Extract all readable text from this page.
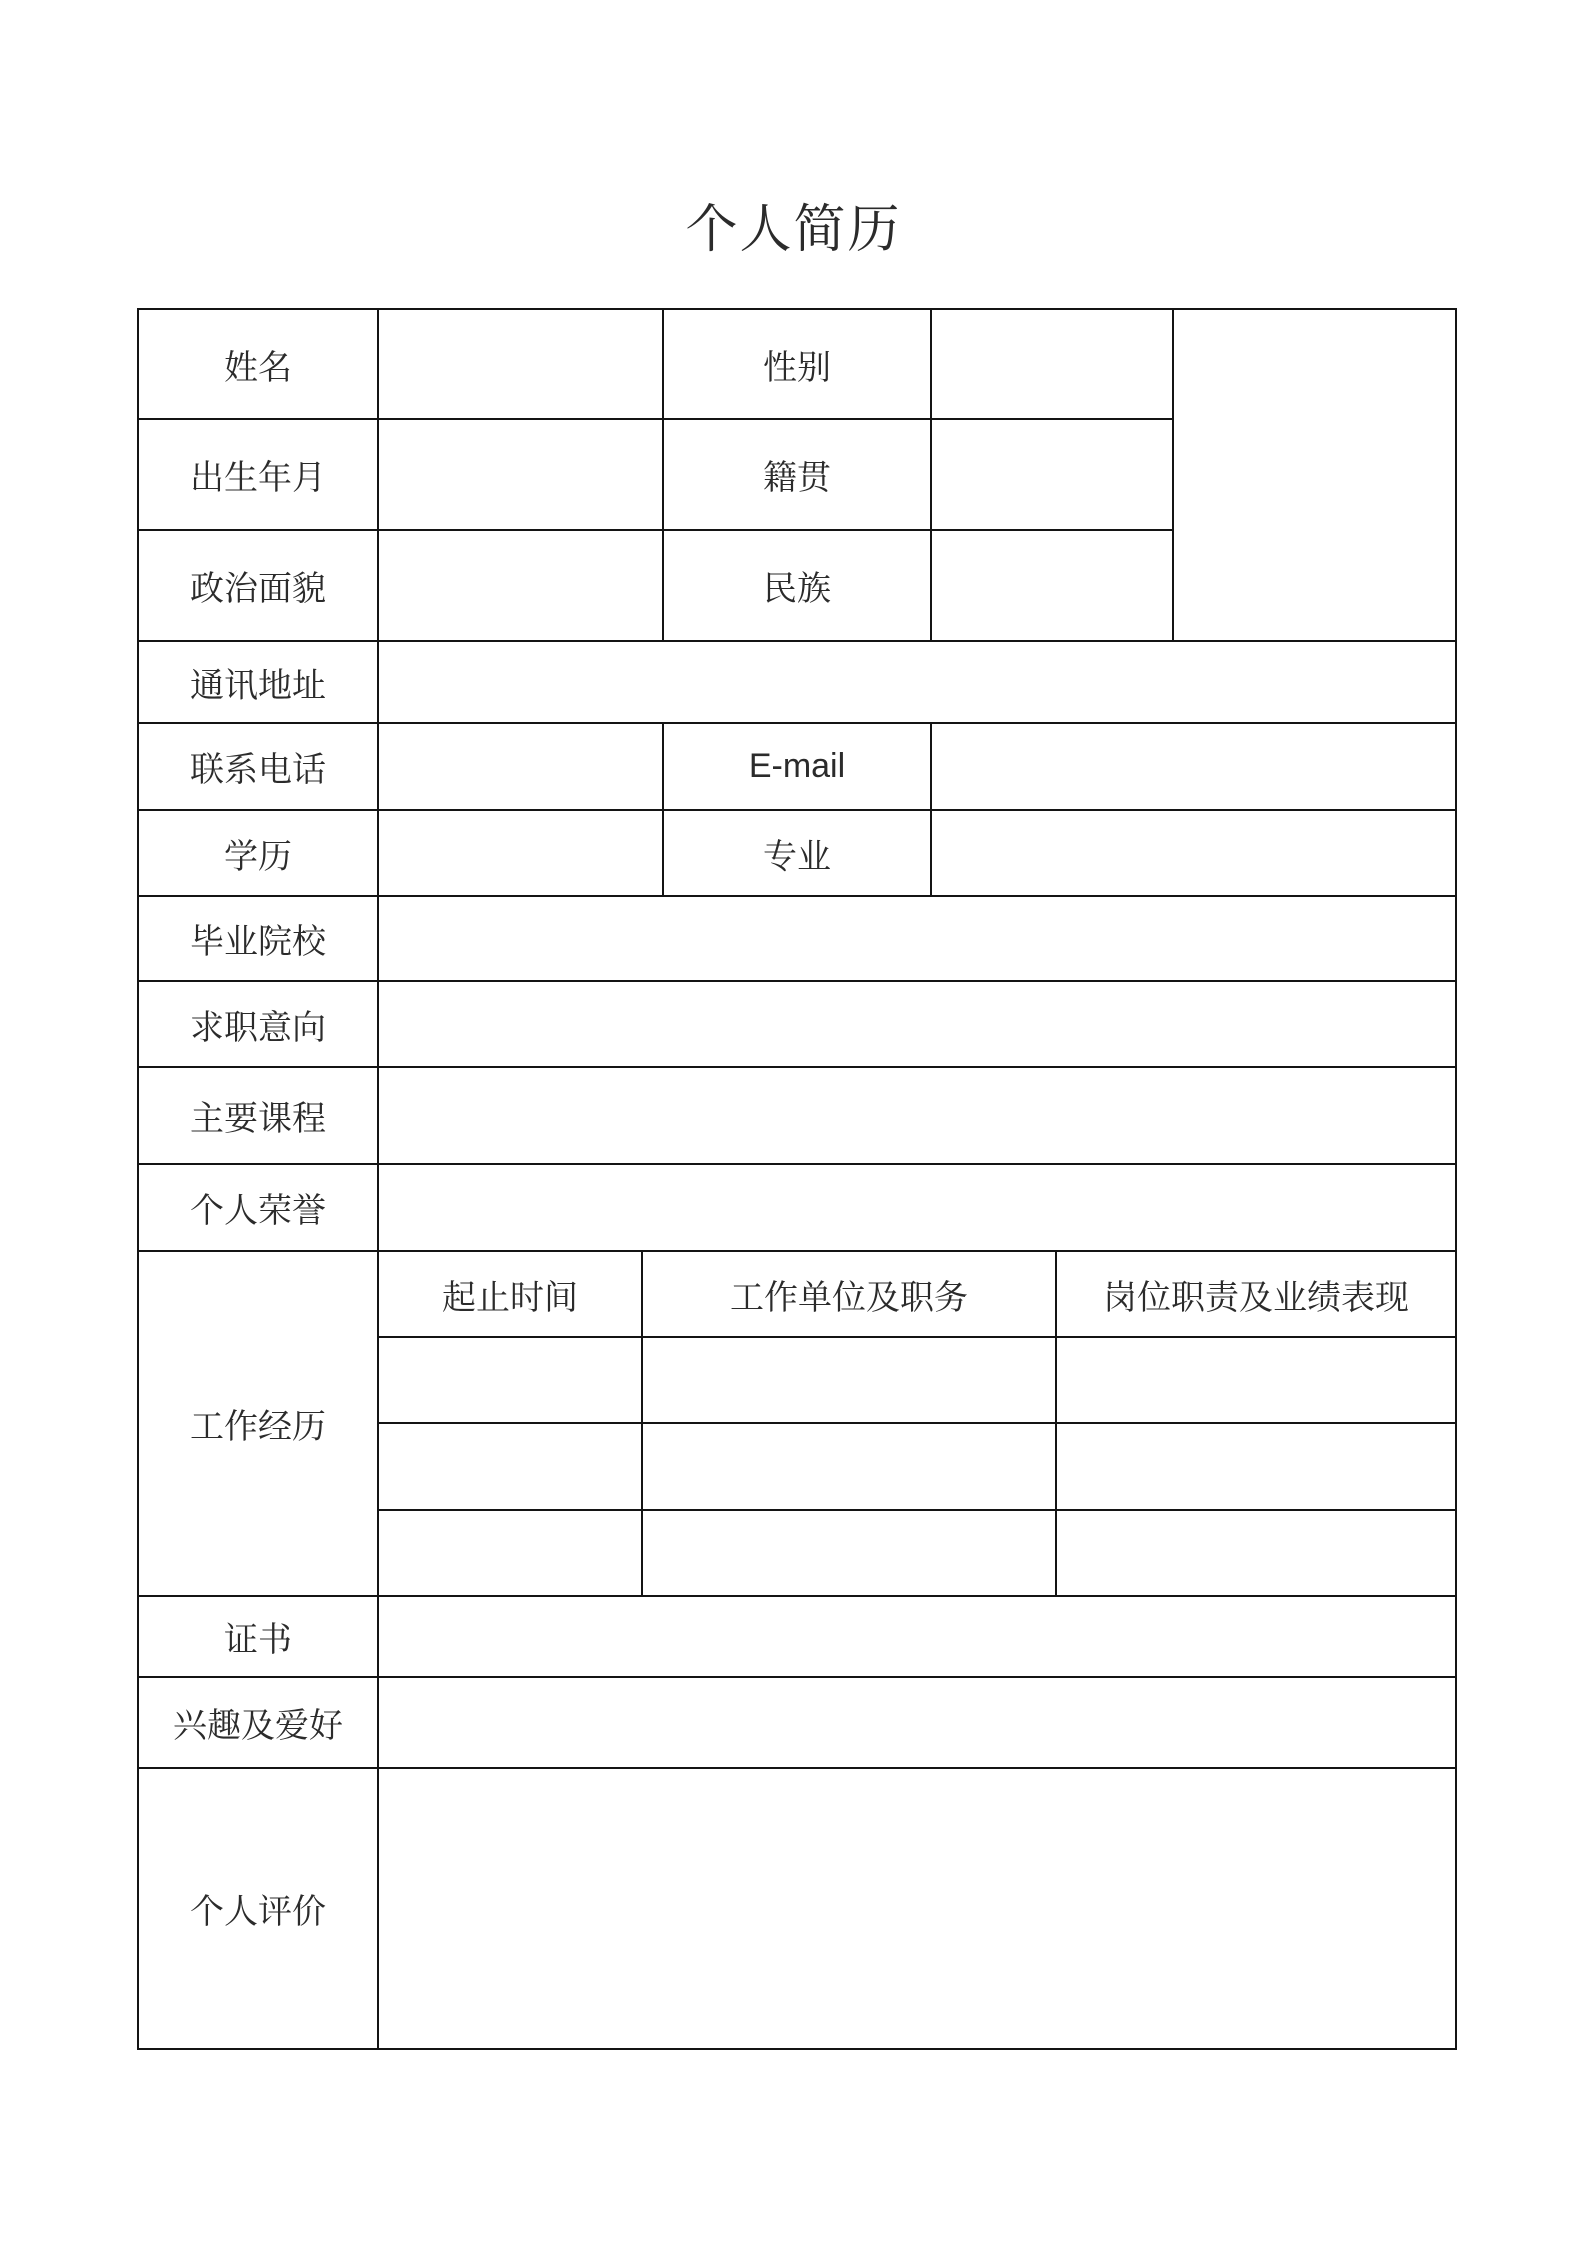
个人简历
姓名		性别		
出生年月		籍贯		
政治面貌		民族		
通讯地址				
联系电话		E-mail		
学历		专业		
毕业院校				
求职意向				
主要课程				
个人荣誉				
工作经历	起止时间	工作单位及职务	岗位职责及业绩表现

证书	
兴趣及爱好	
个人评价	
